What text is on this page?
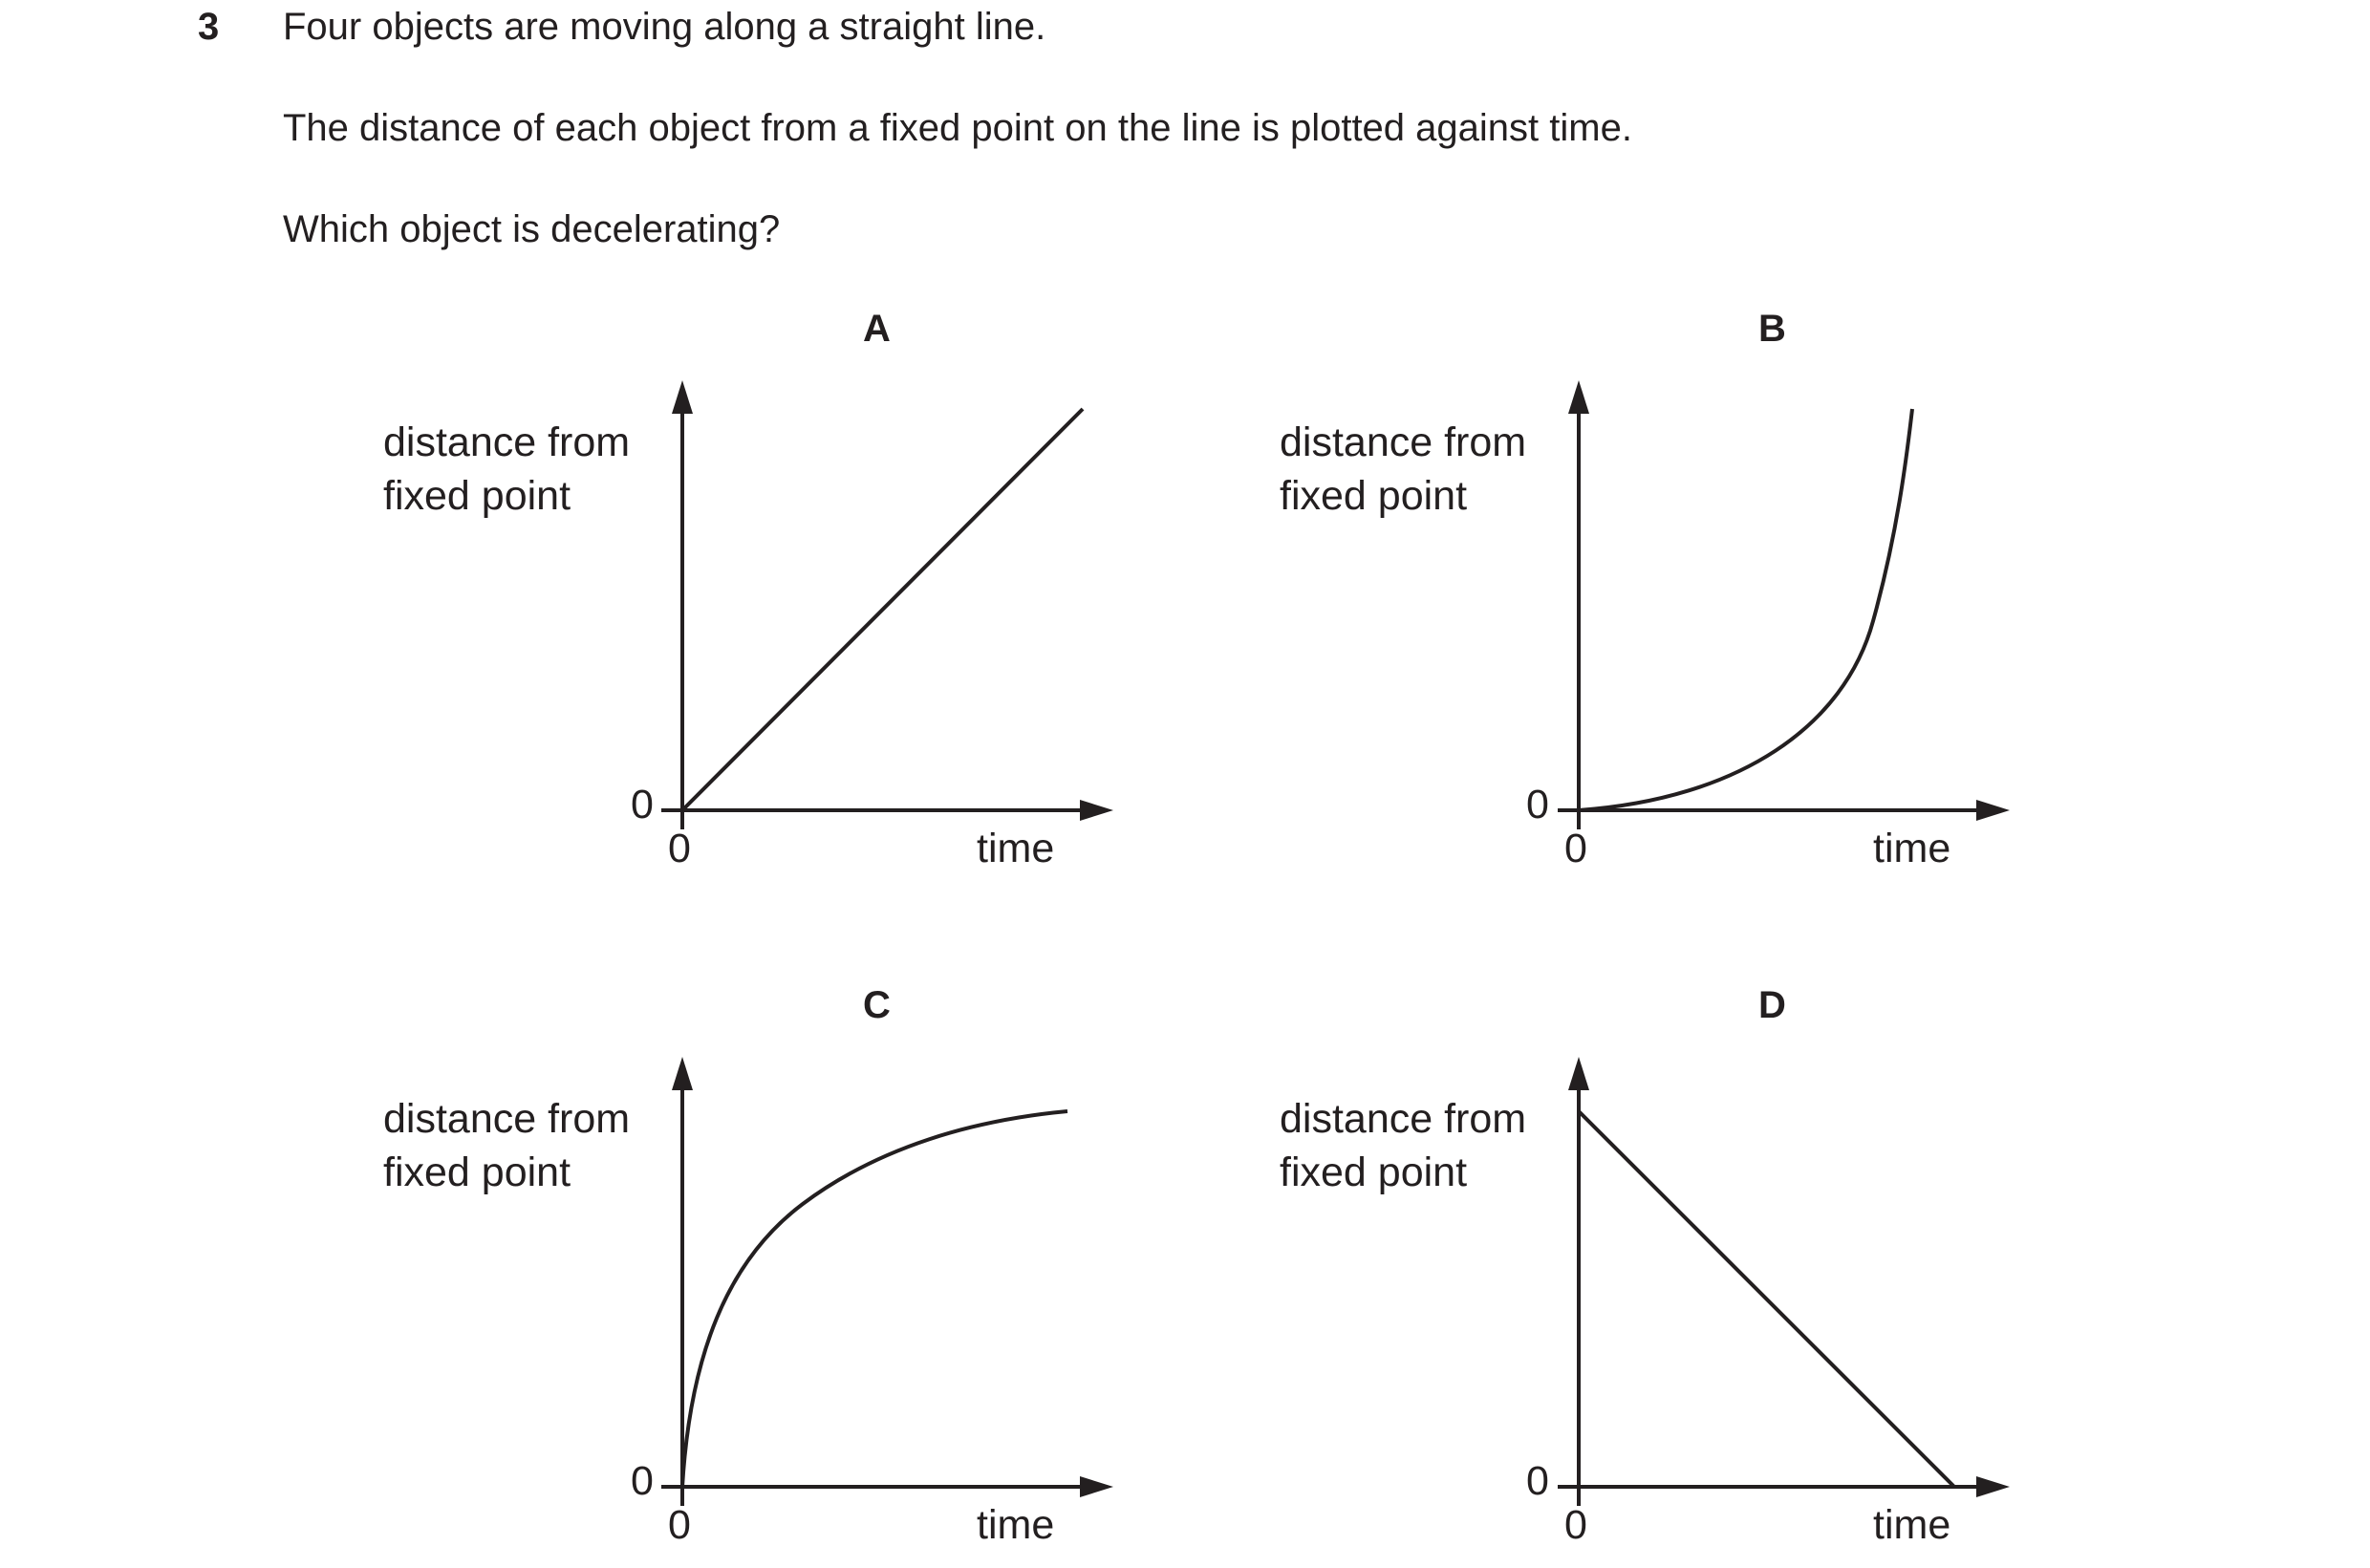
3 Four objects are moving along a straight line.
The distance of each object from a fixed point on the line is plotted against time.
Which object is decelerating?
A
distance from
fixed point
0
0	time
B
distance from
fixed point
0
0	time
C
distance from
fixed point
0
0	time
D
distance from
fixed point
0
0	time
